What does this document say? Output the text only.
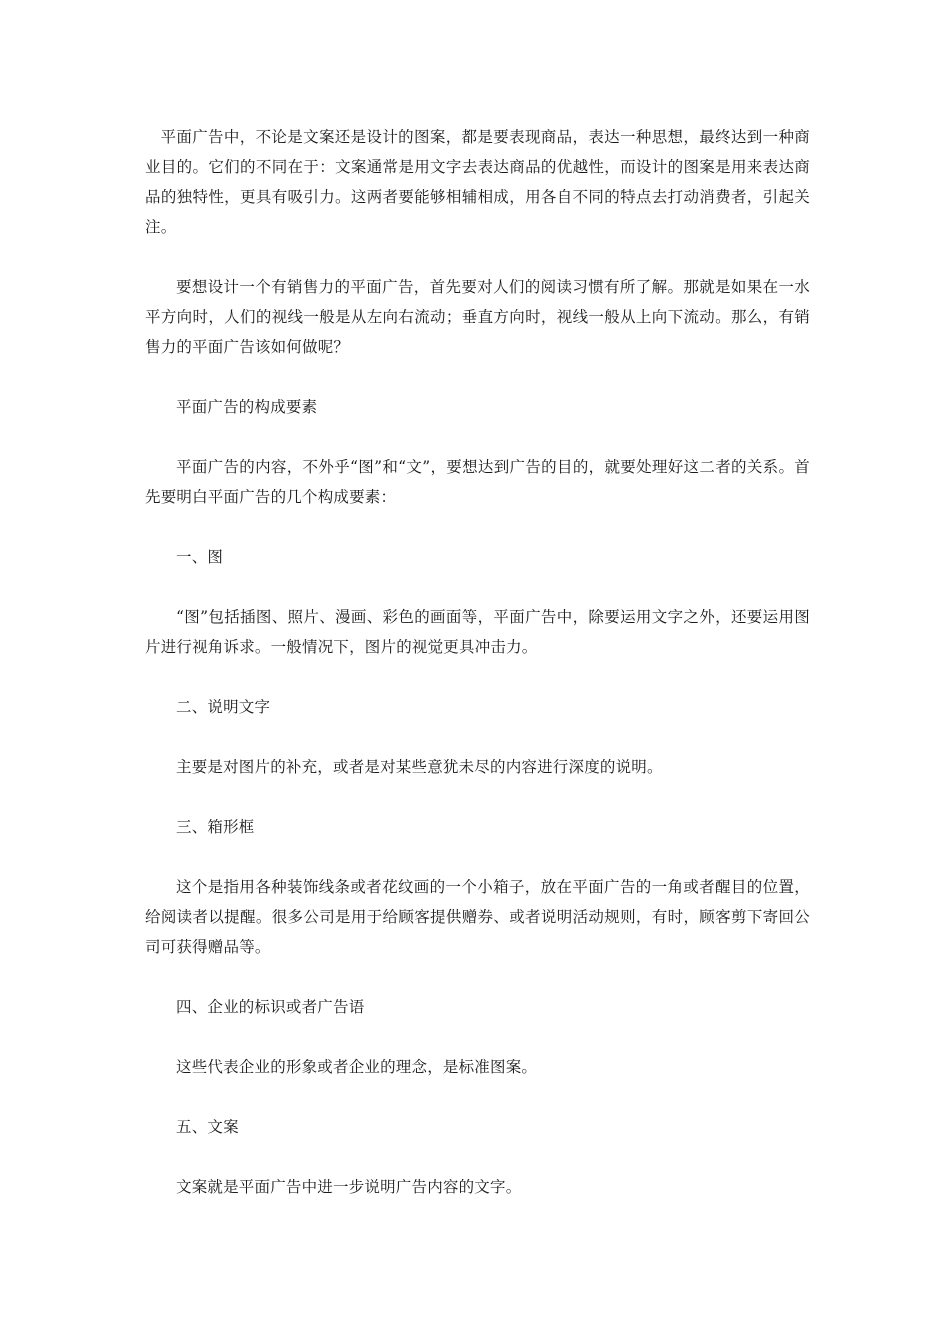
平面广告中，不论是文案还是设计的图案，都是要表现商品，表达一种思想，最终达到一种商业目的。它们的不同在于：文案通常是用文字去表达商品的优越性，而设计的图案是用来表达商品的独特性，更具有吸引力。这两者要能够相辅相成，用各自不同的特点去打动消费者，引起关注。

要想设计一个有销售力的平面广告，首先要对人们的阅读习惯有所了解。那就是如果在一水平方向时，人们的视线一般是从左向右流动；垂直方向时，视线一般从上向下流动。那么，有销售力的平面广告该如何做呢？

平面广告的构成要素

平面广告的内容，不外乎“图”和“文”，要想达到广告的目的，就要处理好这二者的关系。首先要明白平面广告的几个构成要素：

一、图

“图”包括插图、照片、漫画、彩色的画面等，平面广告中，除要运用文字之外，还要运用图片进行视角诉求。一般情况下，图片的视觉更具冲击力。

二、说明文字

主要是对图片的补充，或者是对某些意犹未尽的内容进行深度的说明。

三、箱形框

这个是指用各种装饰线条或者花纹画的一个小箱子，放在平面广告的一角或者醒目的位置，给阅读者以提醒。很多公司是用于给顾客提供赠券、或者说明活动规则，有时，顾客剪下寄回公司可获得赠品等。

四、企业的标识或者广告语

这些代表企业的形象或者企业的理念，是标准图案。

五、文案

文案就是平面广告中进一步说明广告内容的文字。
